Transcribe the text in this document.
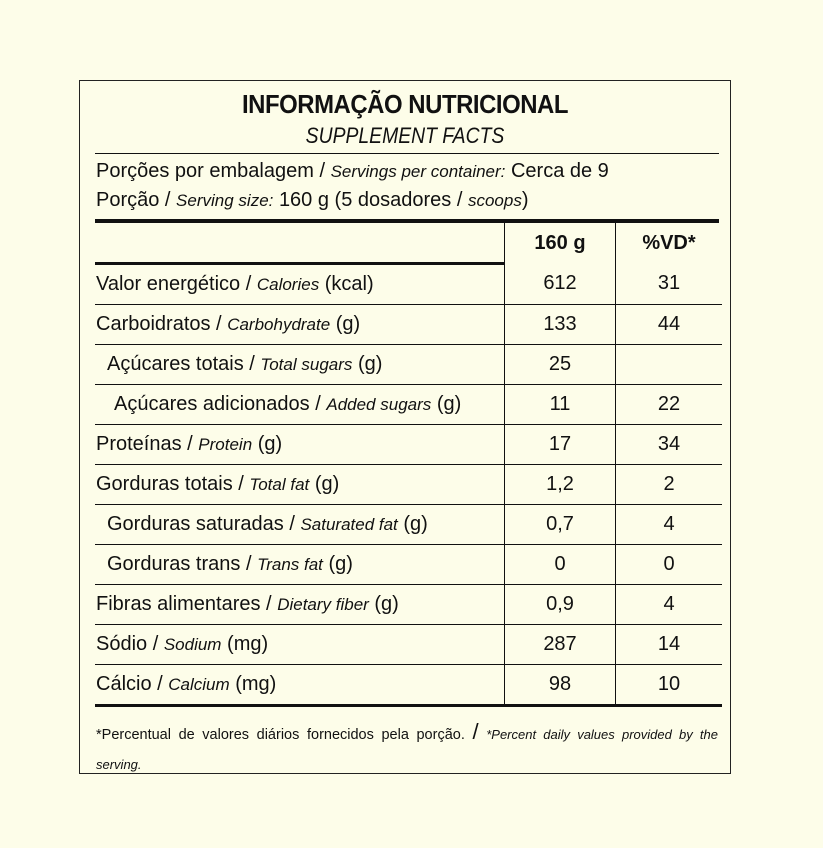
INFORMAÇÃO NUTRICIONAL
SUPPLEMENT FACTS
Porções por embalagem / Servings per container: Cerca de 9
Porção / Serving size: 160 g (5 dosadores / scoops)
	160 g	%VD*
Valor energético / Calories (kcal)	612	31
Carboidratos / Carbohydrate (g)	133	44
Açúcares totais / Total sugars (g)	25	
Açúcares adicionados / Added sugars (g)	11	22
Proteínas / Protein (g)	17	34
Gorduras totais / Total fat (g)	1,2	2
Gorduras saturadas / Saturated fat (g)	0,7	4
Gorduras trans / Trans fat (g)	0	0
Fibras alimentares / Dietary fiber (g)	0,9	4
Sódio / Sodium (mg)	287	14
Cálcio / Calcium (mg)	98	10
*Percentual de valores diários fornecidos pela porção. / *Percent daily values provided by the serving.
